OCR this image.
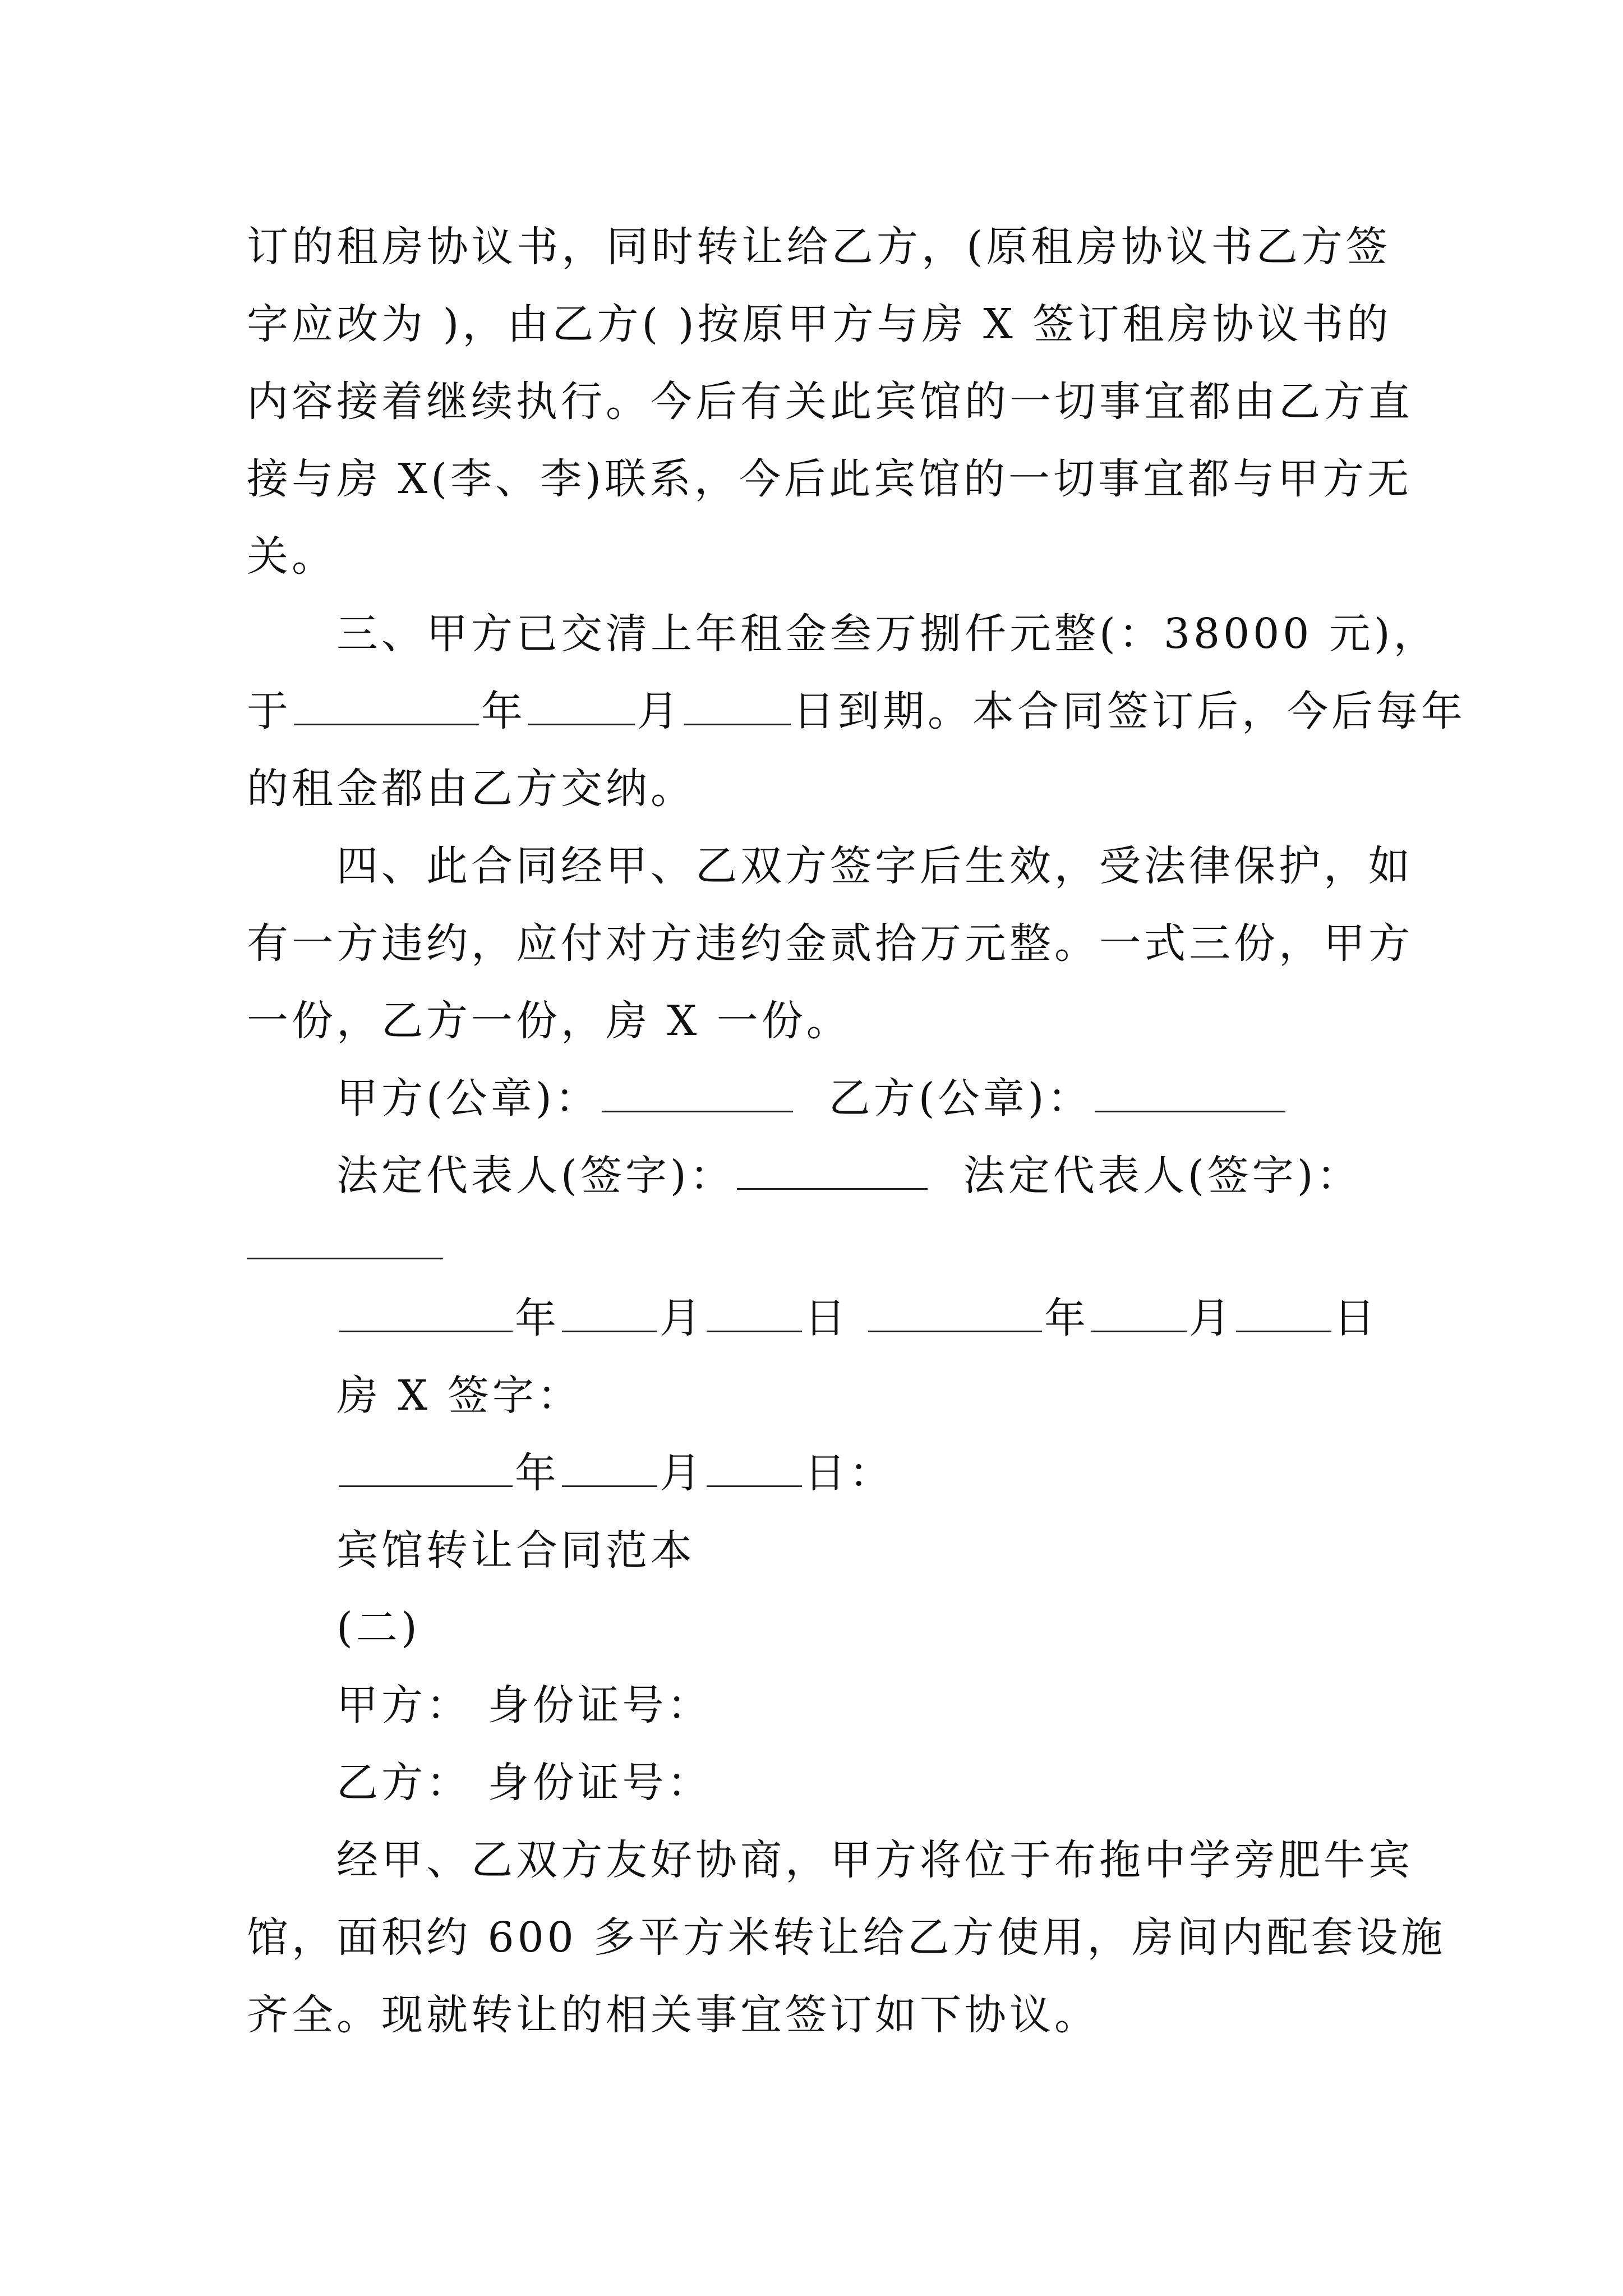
订的租房协议书，同时转让给乙方，(原租房协议书乙方签
字应改为 )，由乙方( )按原甲方与房 X 签订租房协议书的
内容接着继续执行。今后有关此宾馆的一切事宜都由乙方直
接与房 X(李、李)联系，今后此宾馆的一切事宜都与甲方无
关。
三、甲方已交清上年租金叁万捌仟元整(：38000 元)，
于	年	月	日到期。本合同签订后，今后每年
的租金都由乙方交纳。
四、此合同经甲、乙双方签字后生效，受法律保护，如
有一方违约，应付对方违约金贰拾万元整。一式三份，甲方
一份，乙方一份，房 X 一份。
甲方(公章)：	乙方(公章)：
法定代表人(签字)：	法定代表人(签字)：
年 月 日	年 月 日
房 X 签字：
年 月 日：
宾馆转让合同范本
(二)
甲方： 身份证号：
乙方： 身份证号：
经甲、乙双方友好协商，甲方将位于布拖中学旁肥牛宾
馆，面积约 600 多平方米转让给乙方使用，房间内配套设施
齐全。现就转让的相关事宜签订如下协议。
